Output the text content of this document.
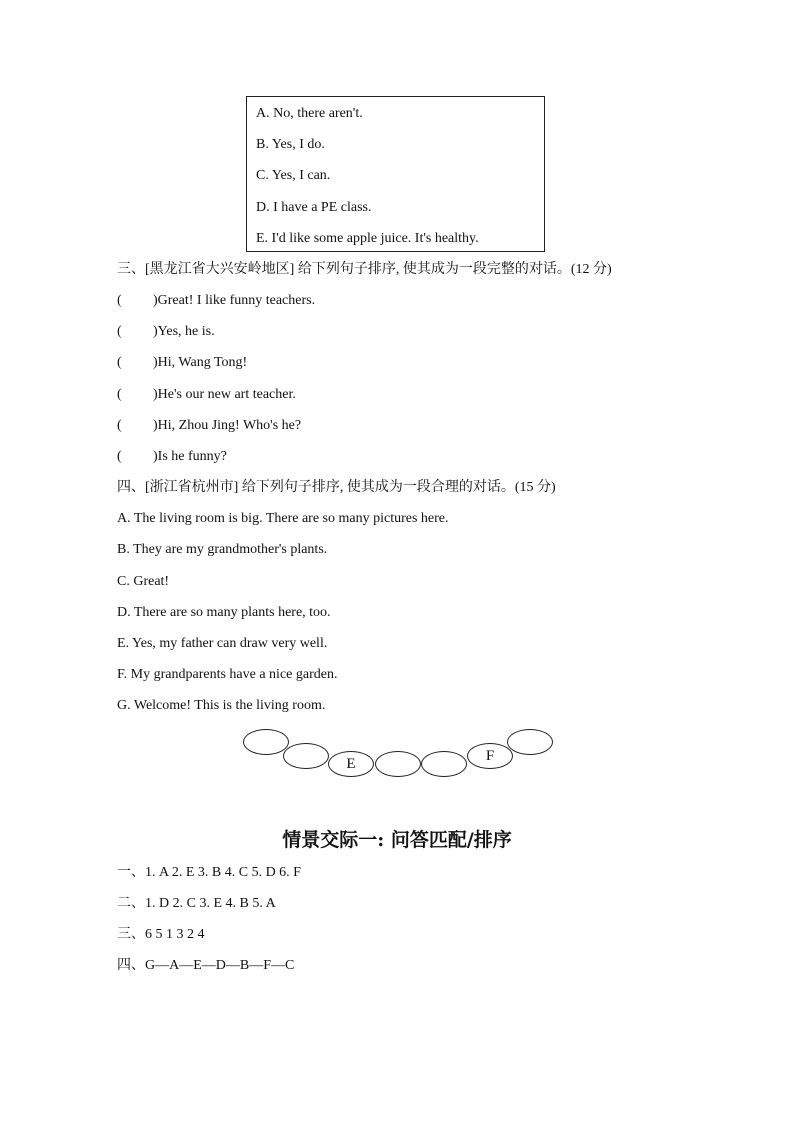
A. No, there aren't.
B. Yes, I do.
C. Yes, I can.
D. I have a PE class.
E. I'd like some apple juice. It's healthy.
三、[黑龙江省大兴安岭地区] 给下列句子排序, 使其成为一段完整的对话。(12 分)
( )Great! I like funny teachers.
( )Yes, he is.
( )Hi, Wang Tong!
( )He's our new art teacher.
( )Hi, Zhou Jing! Who's he?
( )Is he funny?
四、[浙江省杭州市] 给下列句子排序, 使其成为一段合理的对话。(15 分)
A. The living room is big. There are so many pictures here.
B. They are my grandmother's plants.
C. Great!
D. There are so many plants here, too.
E. Yes, my father can draw very well.
F. My grandparents have a nice garden.
G. Welcome! This is the living room.
E	F
情景交际一: 问答匹配/排序
一、1. A 2. E 3. B 4. C 5. D 6. F
二、1. D 2. C 3. E 4. B 5. A
三、6 5 1 3 2 4
四、G—A—E—D—B—F—C
